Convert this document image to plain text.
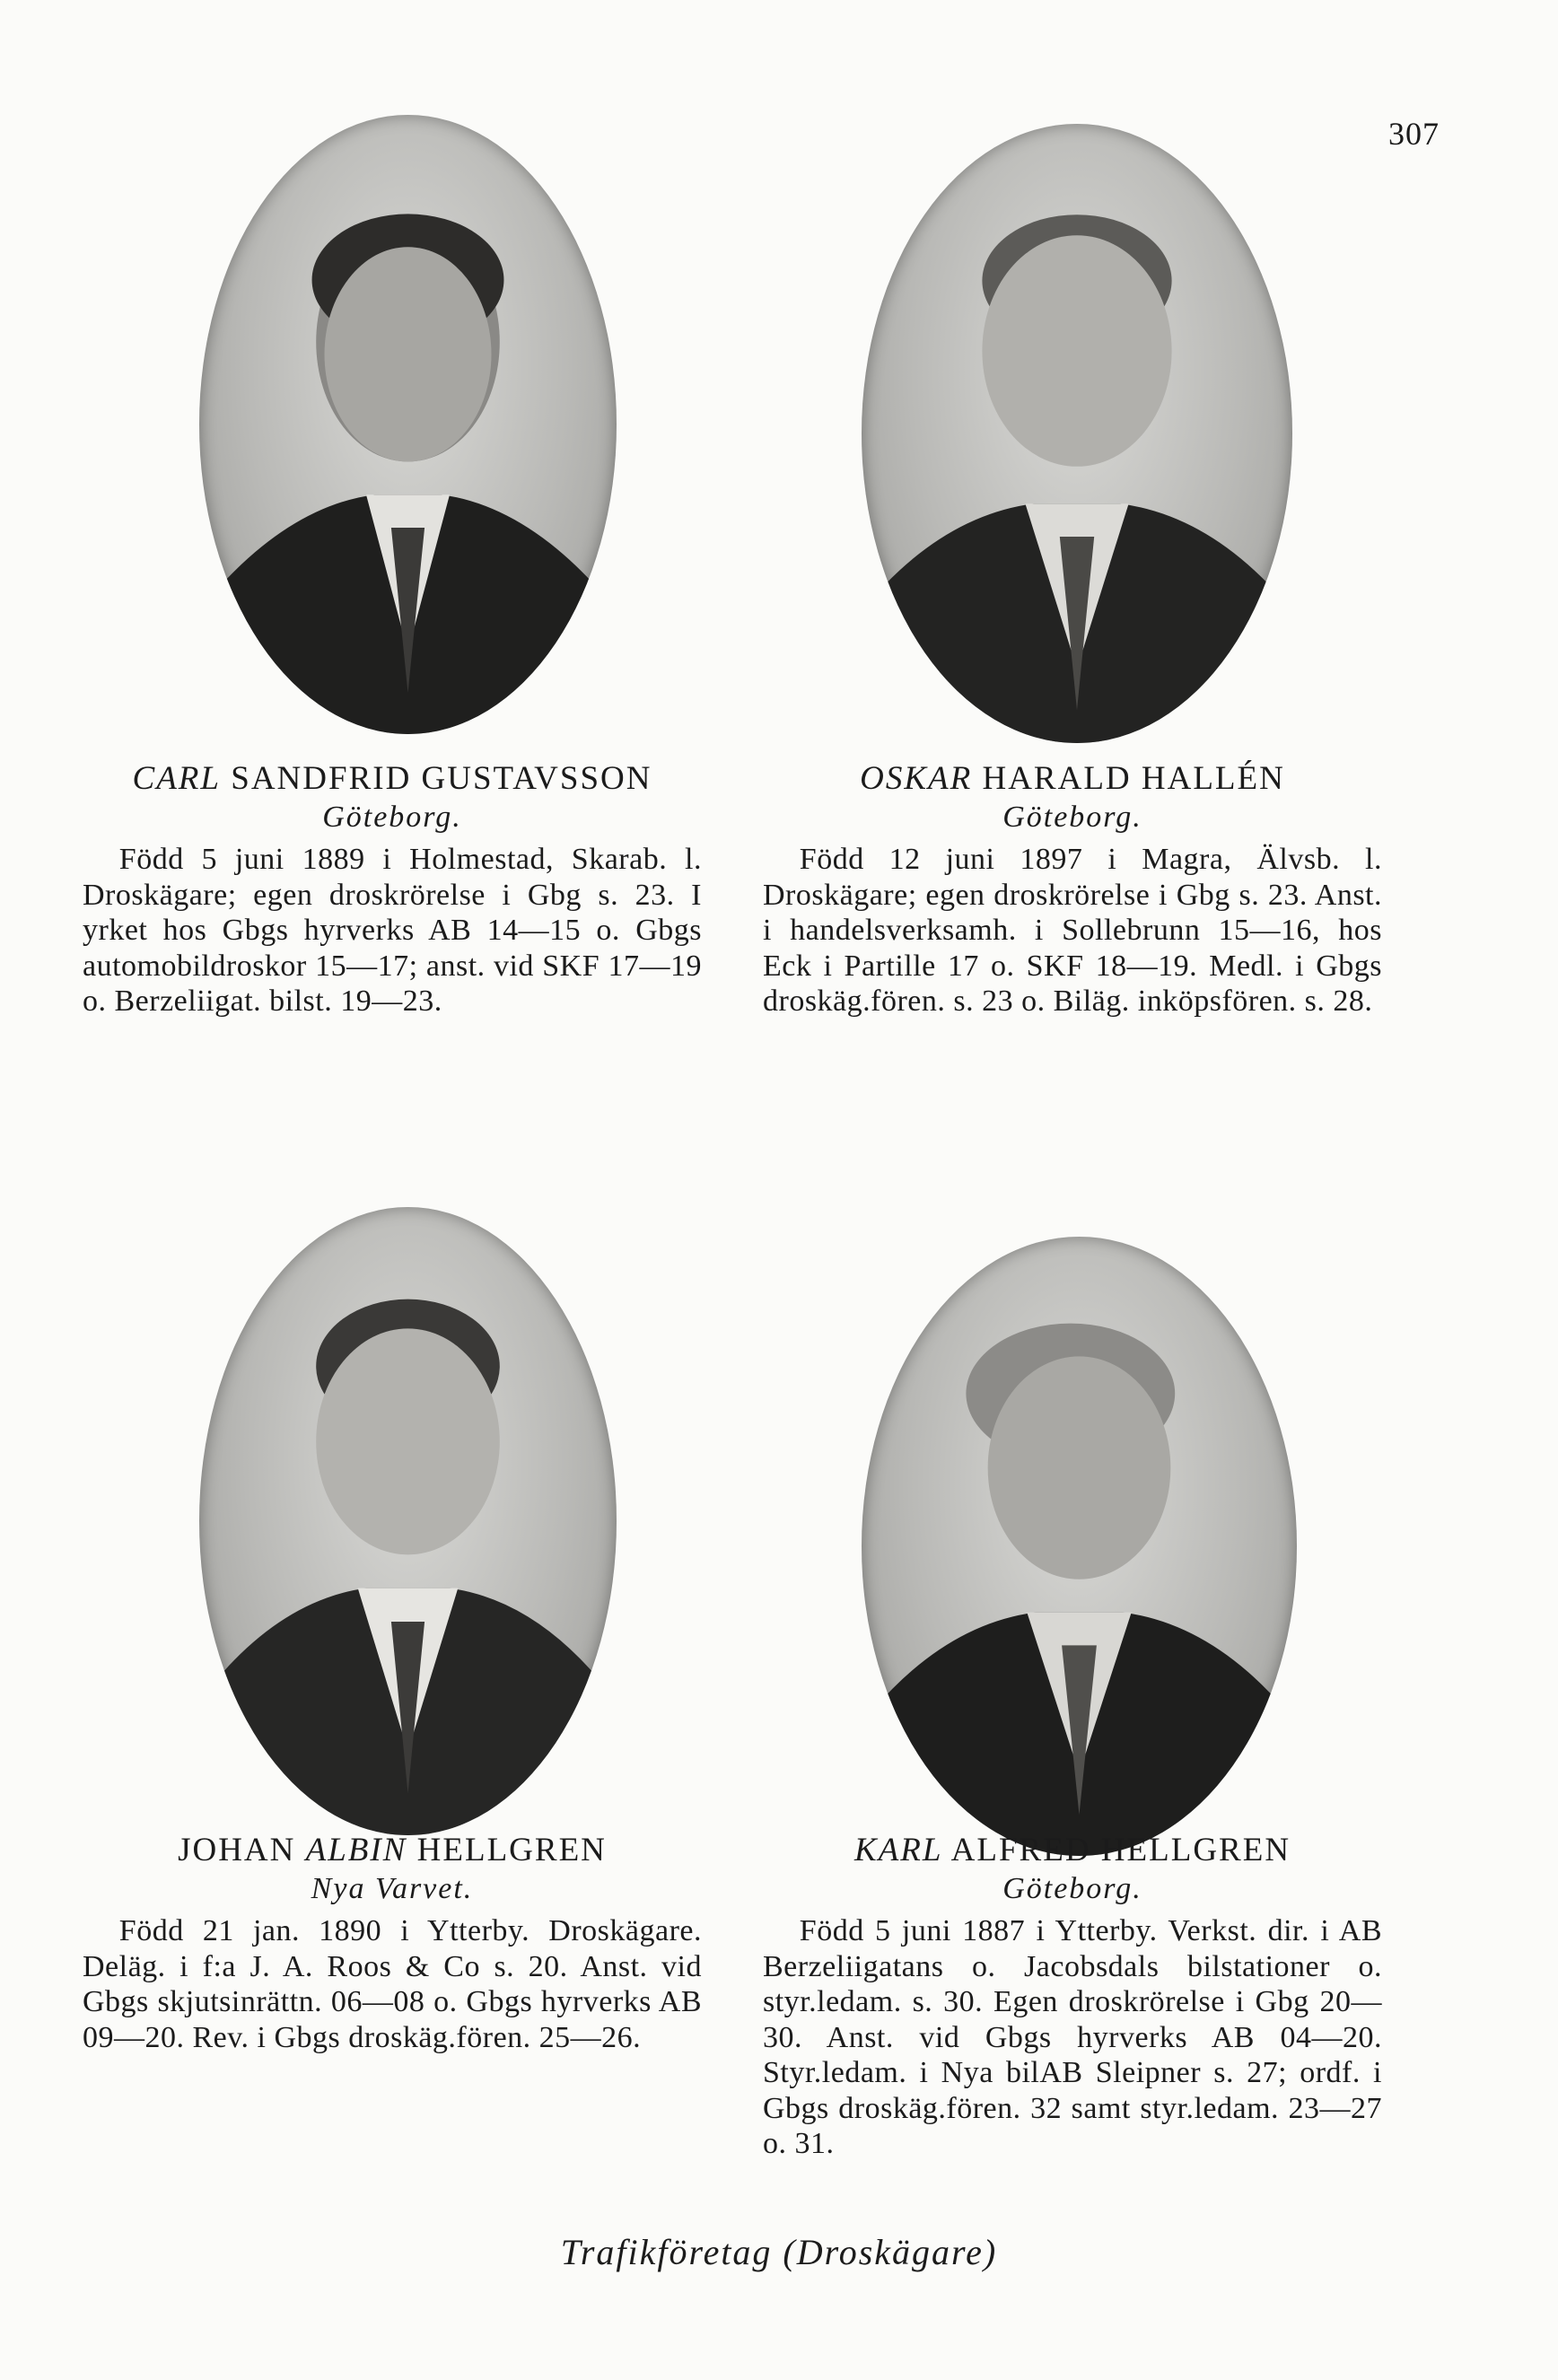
307

CARL SANDFRID GUSTAVSSON

Göteborg.

Född 5 juni 1889 i Holmestad, Skarab. l. Droskägare; egen droskrörelse i Gbg s. 23. I yrket hos Gbgs hyrverks AB 14—15 o. Gbgs automobildroskor 15—17; anst. vid SKF 17—19 o. Berzeliigat. bilst. 19—23.

OSKAR HARALD HALLÉN

Göteborg.

Född 12 juni 1897 i Magra, Älvsb. l. Droskägare; egen droskrörelse i Gbg s. 23. Anst. i handelsverksamh. i Sollebrunn 15—16, hos Eck i Partille 17 o. SKF 18—19. Medl. i Gbgs droskäg.fören. s. 23 o. Biläg. inköpsfören. s. 28.

JOHAN ALBIN HELLGREN

Nya Varvet.

Född 21 jan. 1890 i Ytterby. Droskägare. Deläg. i f:a J. A. Roos & Co s. 20. Anst. vid Gbgs skjutsinrättn. 06—08 o. Gbgs hyrverks AB 09—20. Rev. i Gbgs droskäg.fören. 25—26.

KARL ALFRED HELLGREN

Göteborg.

Född 5 juni 1887 i Ytterby. Verkst. dir. i AB Berzeliigatans o. Jacobsdals bilstationer o. styr.ledam. s. 30. Egen droskrörelse i Gbg 20—30. Anst. vid Gbgs hyrverks AB 04—20. Styr.ledam. i Nya bilAB Sleipner s. 27; ordf. i Gbgs droskäg.fören. 32 samt styr.ledam. 23—27 o. 31.

Trafikföretag (Droskägare)
